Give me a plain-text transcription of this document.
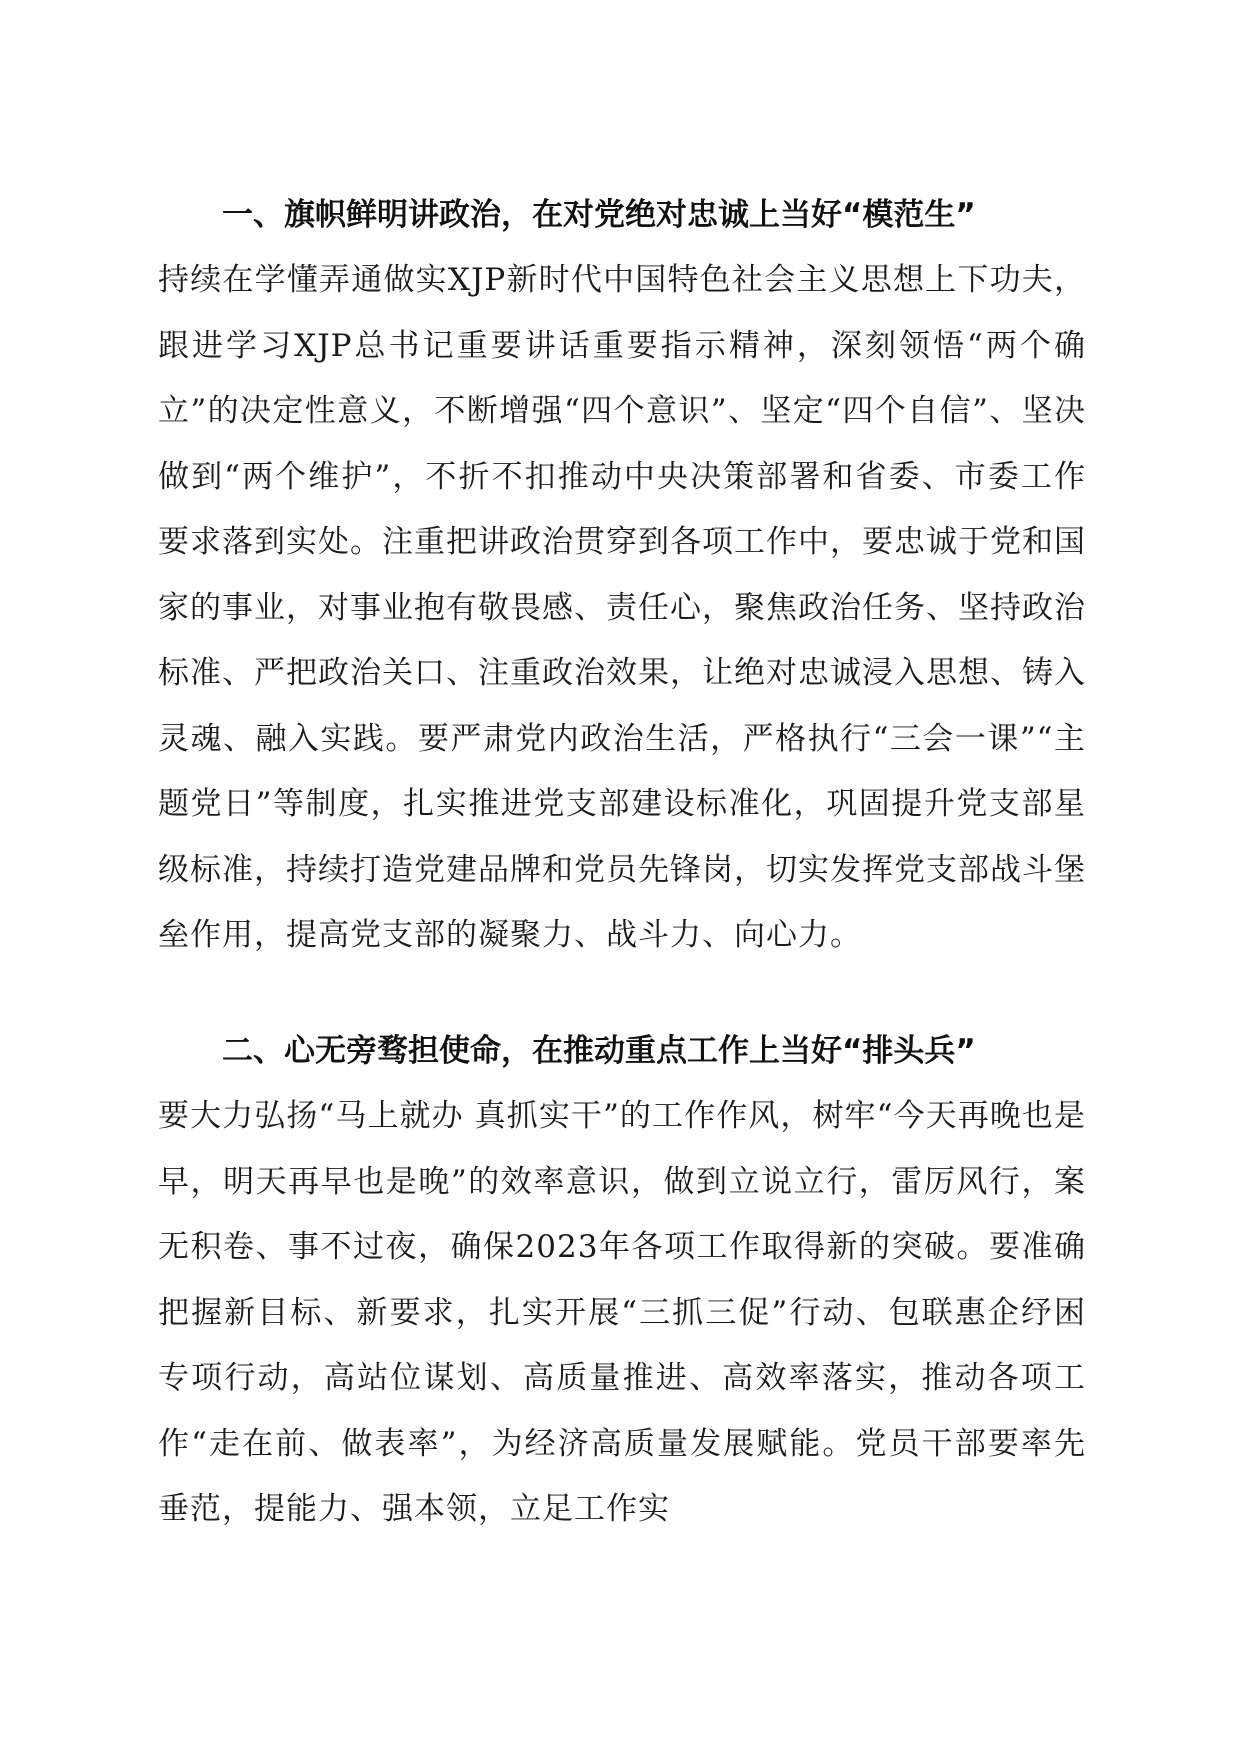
一、旗帜鲜明讲政治，在对党绝对忠诚上当好“模范生”

持续在学懂弄通做实XJP新时代中国特色社会主义思想上下功夫，跟进学习XJP总书记重要讲话重要指示精神，深刻领悟“两个确立”的决定性意义，不断增强“四个意识”、坚定“四个自信”、坚决做到“两个维护”，不折不扣推动中央决策部署和省委、市委工作要求落到实处。注重把讲政治贯穿到各项工作中，要忠诚于党和国家的事业，对事业抱有敬畏感、责任心，聚焦政治任务、坚持政治标准、严把政治关口、注重政治效果，让绝对忠诚浸入思想、铸入灵魂、融入实践。要严肃党内政治生活，严格执行“三会一课”“主题党日”等制度，扎实推进党支部建设标准化，巩固提升党支部星级标准，持续打造党建品牌和党员先锋岗，切实发挥党支部战斗堡垒作用，提高党支部的凝聚力、战斗力、向心力。

二、心无旁骛担使命，在推动重点工作上当好“排头兵”

要大力弘扬“马上就办 真抓实干”的工作作风，树牢“今天再晚也是早，明天再早也是晚”的效率意识，做到立说立行，雷厉风行，案无积卷、事不过夜，确保2023年各项工作取得新的突破。要准确把握新目标、新要求，扎实开展“三抓三促”行动、包联惠企纾困专项行动，高站位谋划、高质量推进、高效率落实，推动各项工作“走在前、做表率”，为经济高质量发展赋能。党员干部要率先垂范，提能力、强本领，立足工作实
